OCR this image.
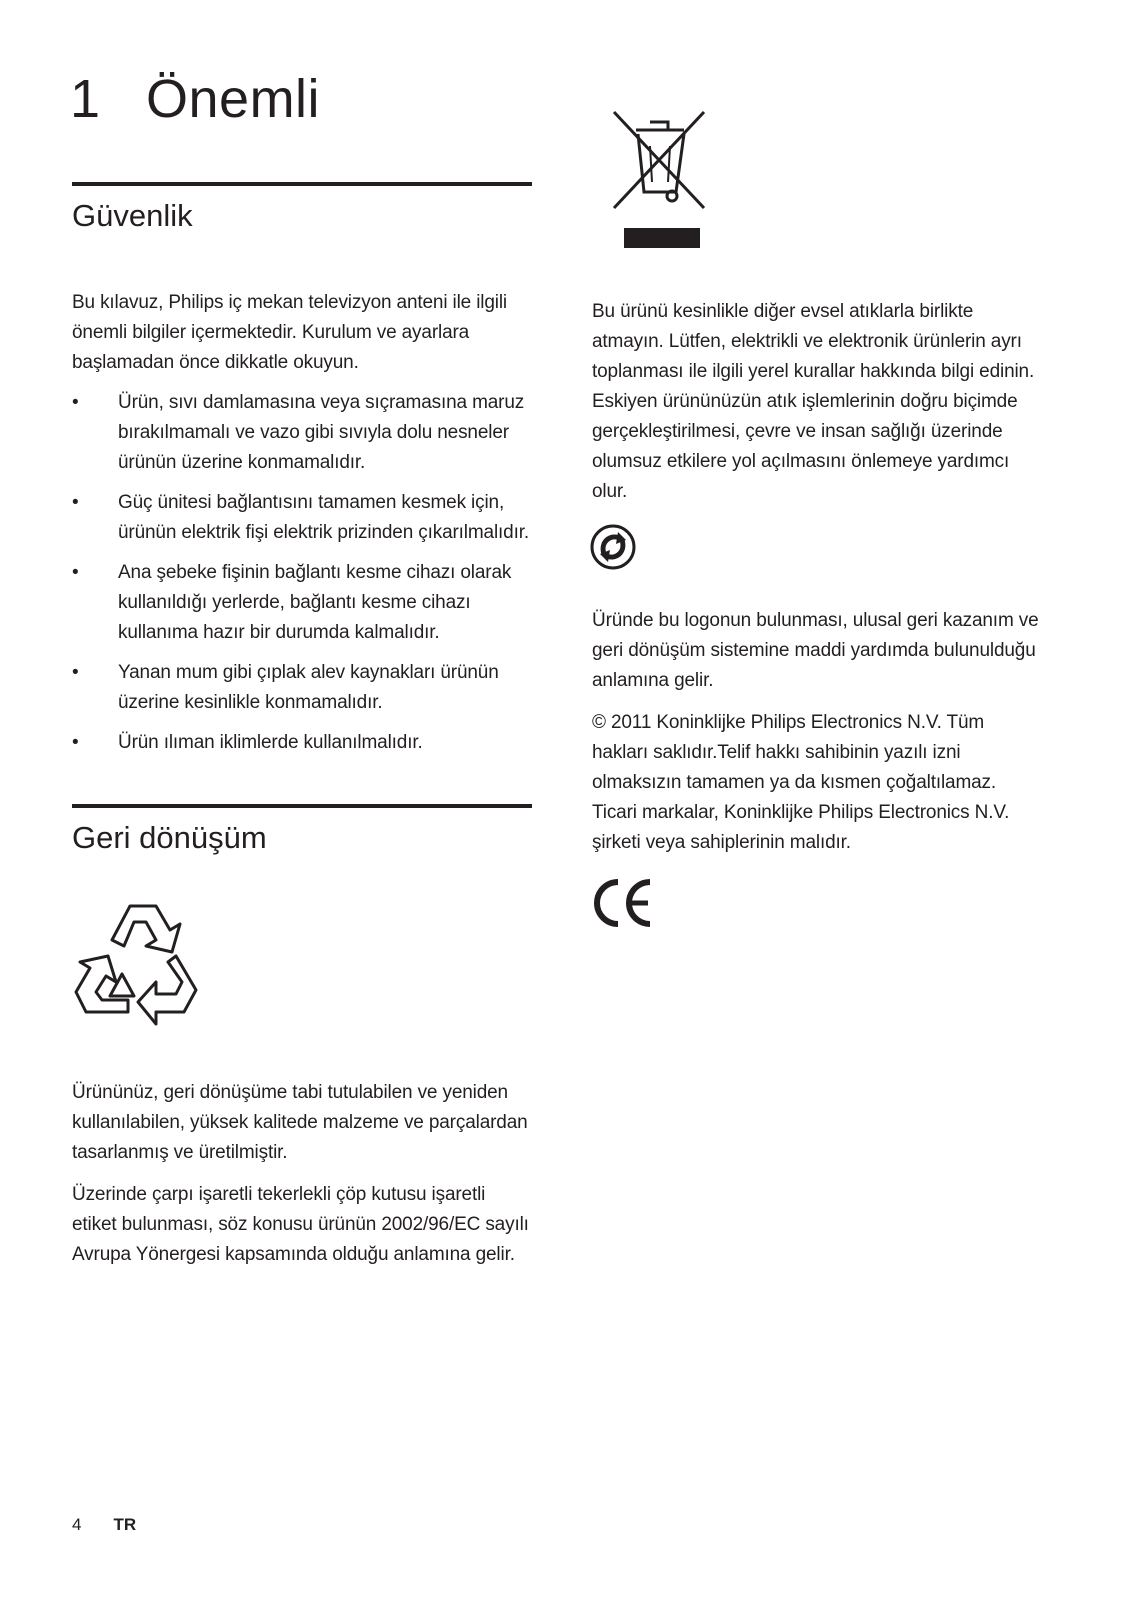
1 Önemli
Güvenlik

Bu kılavuz, Philips iç mekan televizyon anteni ile ilgili önemli bilgiler içermektedir. Kurulum ve ayarlara başlamadan önce dikkatle okuyun.

• Ürün, sıvı damlamasına veya sıçramasına maruz bırakılmamalı ve vazo gibi sıvıyla dolu nesneler ürünün üzerine konmamalıdır.
• Güç ünitesi bağlantısını tamamen kesmek için, ürünün elektrik fişi elektrik prizinden çıkarılmalıdır.
• Ana şebeke fişinin bağlantı kesme cihazı olarak kullanıldığı yerlerde, bağlantı kesme cihazı kullanıma hazır bir durumda kalmalıdır.
• Yanan mum gibi çıplak alev kaynakları ürünün üzerine kesinlikle konmamalıdır.
• Ürün ılıman iklimlerde kullanılmalıdır.
Geri dönüşüm

Ürününüz, geri dönüşüme tabi tutulabilen ve yeniden kullanılabilen, yüksek kalitede malzeme ve parçalardan tasarlanmış ve üretilmiştir.

Üzerinde çarpı işaretli tekerlekli çöp kutusu işaretli etiket bulunması, söz konusu ürünün 2002/96/EC sayılı Avrupa Yönergesi kapsamında olduğu anlamına gelir.

Bu ürünü kesinlikle diğer evsel atıklarla birlikte atmayın. Lütfen, elektrikli ve elektronik ürünlerin ayrı toplanması ile ilgili yerel kurallar hakkında bilgi edinin. Eskiyen ürününüzün atık işlemlerinin doğru biçimde gerçekleştirilmesi, çevre ve insan sağlığı üzerinde olumsuz etkilere yol açılmasını önlemeye yardımcı olur.

Üründe bu logonun bulunması, ulusal geri kazanım ve geri dönüşüm sistemine maddi yardımda bulunulduğu anlamına gelir.

© 2011 Koninklijke Philips Electronics N.V. Tüm hakları saklıdır.Telif hakkı sahibinin yazılı izni olmaksızın tamamen ya da kısmen çoğaltılamaz. Ticari markalar, Koninklijke Philips Electronics N.V. şirketi veya sahiplerinin malıdır.

4 TR
